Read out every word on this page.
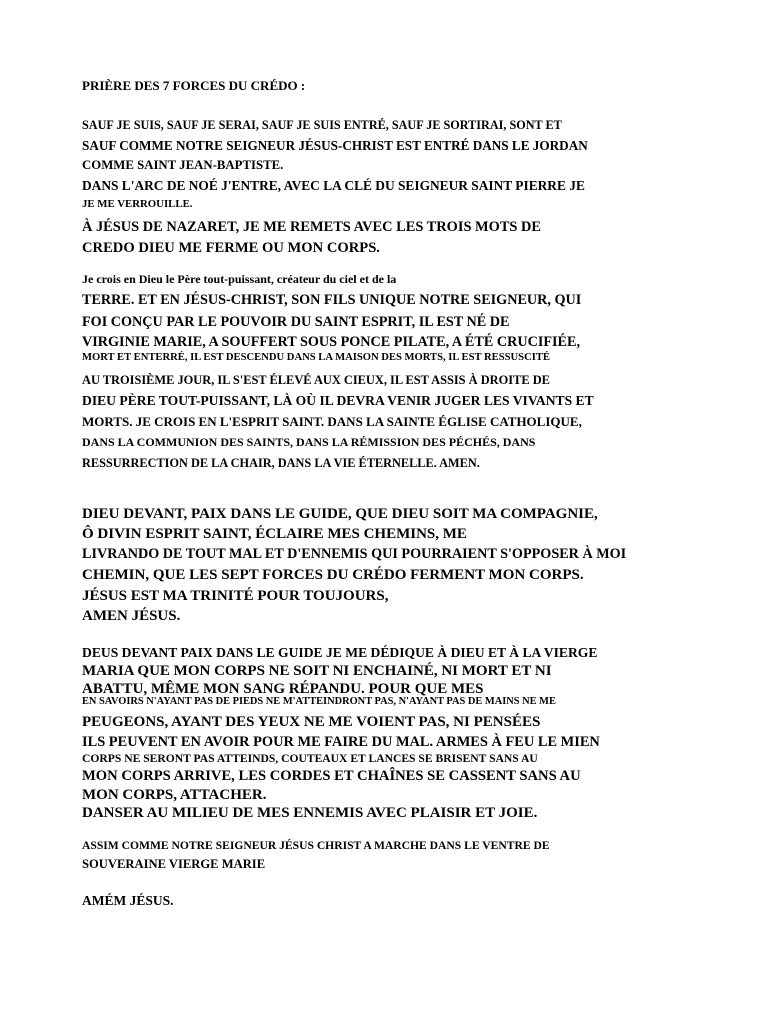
PRIÈRE DES 7 FORCES DU CRÉDO :
SAUF JE SUIS, SAUF JE SERAI, SAUF JE SUIS ENTRÉ, SAUF JE SORTIRAI, SONT ET
SAUF COMME NOTRE SEIGNEUR JÉSUS-CHRIST EST ENTRÉ DANS LE JORDAN
COMME SAINT JEAN-BAPTISTE.
DANS L'ARC DE NOÉ J'ENTRE, AVEC LA CLÉ DU SEIGNEUR SAINT PIERRE JE
JE ME VERROUILLE.
À JÉSUS DE NAZARET, JE ME REMETS AVEC LES TROIS MOTS DE
CREDO DIEU ME FERME OU MON CORPS.
Je crois en Dieu le Père tout-puissant, créateur du ciel et de la
TERRE. ET EN JÉSUS-CHRIST, SON FILS UNIQUE NOTRE SEIGNEUR, QUI
FOI CONÇU PAR LE POUVOIR DU SAINT ESPRIT, IL EST NÉ DE
VIRGINIE MARIE, A SOUFFERT SOUS PONCE PILATE, A ÉTÉ CRUCIFIÉE,
MORT ET ENTERRÉ, IL EST DESCENDU DANS LA MAISON DES MORTS, IL EST RESSUSCITÉ
AU TROISIÈME JOUR, IL S'EST ÉLEVÉ AUX CIEUX, IL EST ASSIS À DROITE DE
DIEU PÈRE TOUT-PUISSANT, LÀ OÙ IL DEVRA VENIR JUGER LES VIVANTS ET
MORTS. JE CROIS EN L'ESPRIT SAINT. DANS LA SAINTE ÉGLISE CATHOLIQUE,
DANS LA COMMUNION DES SAINTS, DANS LA RÉMISSION DES PÉCHÉS, DANS
RESSURRECTION DE LA CHAIR, DANS LA VIE ÉTERNELLE. AMEN.
DIEU DEVANT, PAIX DANS LE GUIDE, QUE DIEU SOIT MA COMPAGNIE,
Ô DIVIN ESPRIT SAINT, ÉCLAIRE MES CHEMINS, ME
LIVRANDO DE TOUT MAL ET D'ENNEMIS QUI POURRAIENT S'OPPOSER À MOI
CHEMIN, QUE LES SEPT FORCES DU CRÉDO FERMENT MON CORPS.
JÉSUS EST MA TRINITÉ POUR TOUJOURS,
AMEN JÉSUS.
DEUS DEVANT PAIX DANS LE GUIDE JE ME DÉDIQUE À DIEU ET À LA VIERGE
MARIA QUE MON CORPS NE SOIT NI ENCHAINÉ, NI MORT ET NI
ABATTU, MÊME MON SANG RÉPANDU. POUR QUE MES
EN SAVOIRS N'AYANT PAS DE PIEDS NE M'ATTEINDRONT PAS, N'AYANT PAS DE MAINS NE ME
PEUGEONS, AYANT DES YEUX NE ME VOIENT PAS, NI PENSÉES
ILS PEUVENT EN AVOIR POUR ME FAIRE DU MAL. ARMES À FEU LE MIEN
CORPS NE SERONT PAS ATTEINDS, COUTEAUX ET LANCES SE BRISENT SANS AU
MON CORPS ARRIVE, LES CORDES ET CHAÎNES SE CASSENT SANS AU
MON CORPS, ATTACHER.
DANSER AU MILIEU DE MES ENNEMIS AVEC PLAISIR ET JOIE.
ASSIM COMME NOTRE SEIGNEUR JÉSUS CHRIST A MARCHE DANS LE VENTRE DE
SOUVERAINE VIERGE MARIE
AMÉM JÉSUS.
